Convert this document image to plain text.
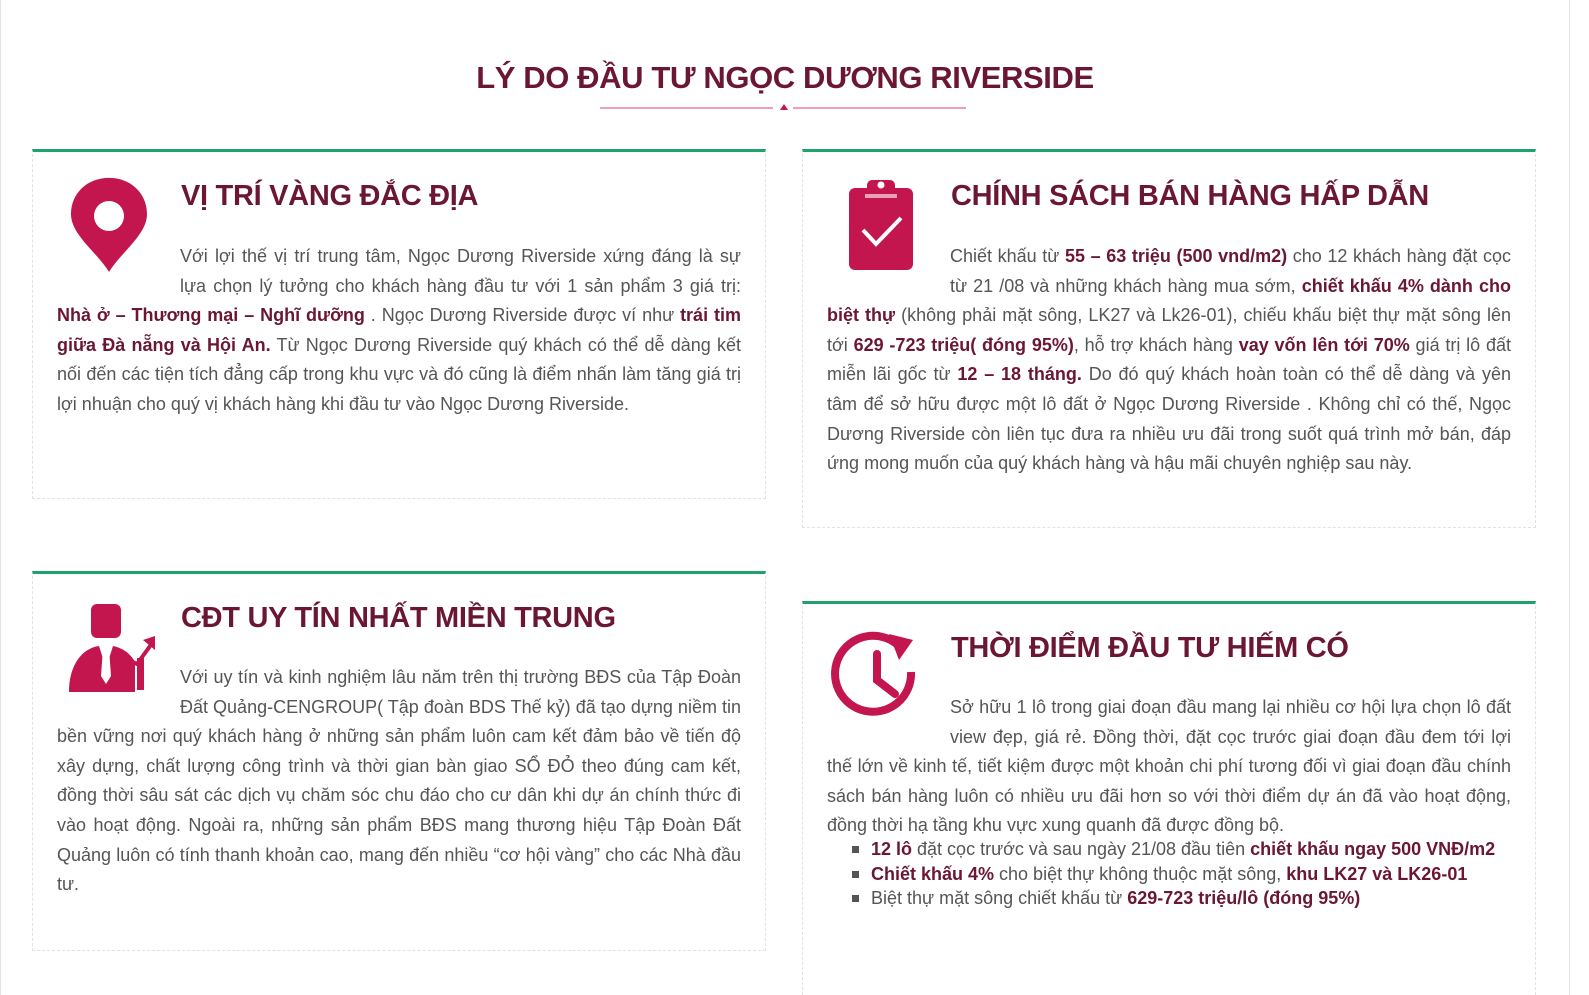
LÝ DO ĐẦU TƯ NGỌC DƯƠNG RIVERSIDE
VỊ TRÍ VÀNG ĐẮC ĐỊA

Với lợi thế vị trí trung tâm, Ngọc Dương Riverside xứng đáng là sự lựa chọn lý tưởng cho khách hàng đầu tư với 1 sản phẩm 3 giá trị: Nhà ở – Thương mại – Nghĩ dưỡng . Ngọc Dương Riverside được ví như trái tim giữa Đà nẵng và Hội An. Từ Ngọc Dương Riverside quý khách có thể dễ dàng kết nối đến các tiện tích đẳng cấp trong khu vực và đó cũng là điểm nhấn làm tăng giá trị lợi nhuận cho quý vị khách hàng khi đầu tư vào Ngọc Dương Riverside.

CHÍNH SÁCH BÁN HÀNG HẤP DẪN

Chiết khấu từ 55 – 63 triệu (500 vnd/m2) cho 12 khách hàng đặt cọc từ 21 /08 và những khách hàng mua sớm, chiết khấu 4% dành cho biệt thự (không phải mặt sông, LK27 và Lk26-01), chiếu khấu biệt thự mặt sông lên tới 629 -723 triệu( đóng 95%), hỗ trợ khách hàng vay vốn lên tới 70% giá trị lô đất miễn lãi gốc từ 12 – 18 tháng. Do đó quý khách hoàn toàn có thể dễ dàng và yên tâm để sở hữu được một lô đất ở Ngọc Dương Riverside . Không chỉ có thế, Ngọc Dương Riverside còn liên tục đưa ra nhiều ưu đãi trong suốt quá trình mở bán, đáp ứng mong muốn của quý khách hàng và hậu mãi chuyên nghiệp sau này.

CĐT UY TÍN NHẤT MIỀN TRUNG

Với uy tín và kinh nghiệm lâu năm trên thị trường BĐS của Tập Đoàn Đất Quảng-CENGROUP( Tập đoàn BDS Thế kỷ) đã tạo dựng niềm tin bền vững nơi quý khách hàng ở những sản phẩm luôn cam kết đảm bảo về tiến độ xây dựng, chất lượng công trình và thời gian bàn giao SỔ ĐỎ theo đúng cam kết, đồng thời sâu sát các dịch vụ chăm sóc chu đáo cho cư dân khi dự án chính thức đi vào hoạt động. Ngoài ra, những sản phẩm BĐS mang thương hiệu Tập Đoàn Đất Quảng luôn có tính thanh khoản cao, mang đến nhiều “cơ hội vàng” cho các Nhà đầu tư.

THỜI ĐIỂM ĐẦU TƯ HIẾM CÓ

Sở hữu 1 lô trong giai đoạn đầu mang lại nhiều cơ hội lựa chọn lô đất view đẹp, giá rẻ. Đồng thời, đặt cọc trước giai đoạn đầu đem tới lợi thế lớn về kinh tế, tiết kiệm được một khoản chi phí tương đối vì giai đoạn đầu chính sách bán hàng luôn có nhiều ưu đãi hơn so với thời điểm dự án đã vào hoạt động, đồng thời hạ tầng khu vực xung quanh đã được đồng bộ.

12 lô đặt cọc trước và sau ngày 21/08 đầu tiên chiết khấu ngay 500 VNĐ/m2
Chiết khấu 4% cho biệt thự không thuộc mặt sông, khu LK27 và LK26-01
Biệt thự mặt sông chiết khấu từ 629-723 triệu/lô (đóng 95%)
